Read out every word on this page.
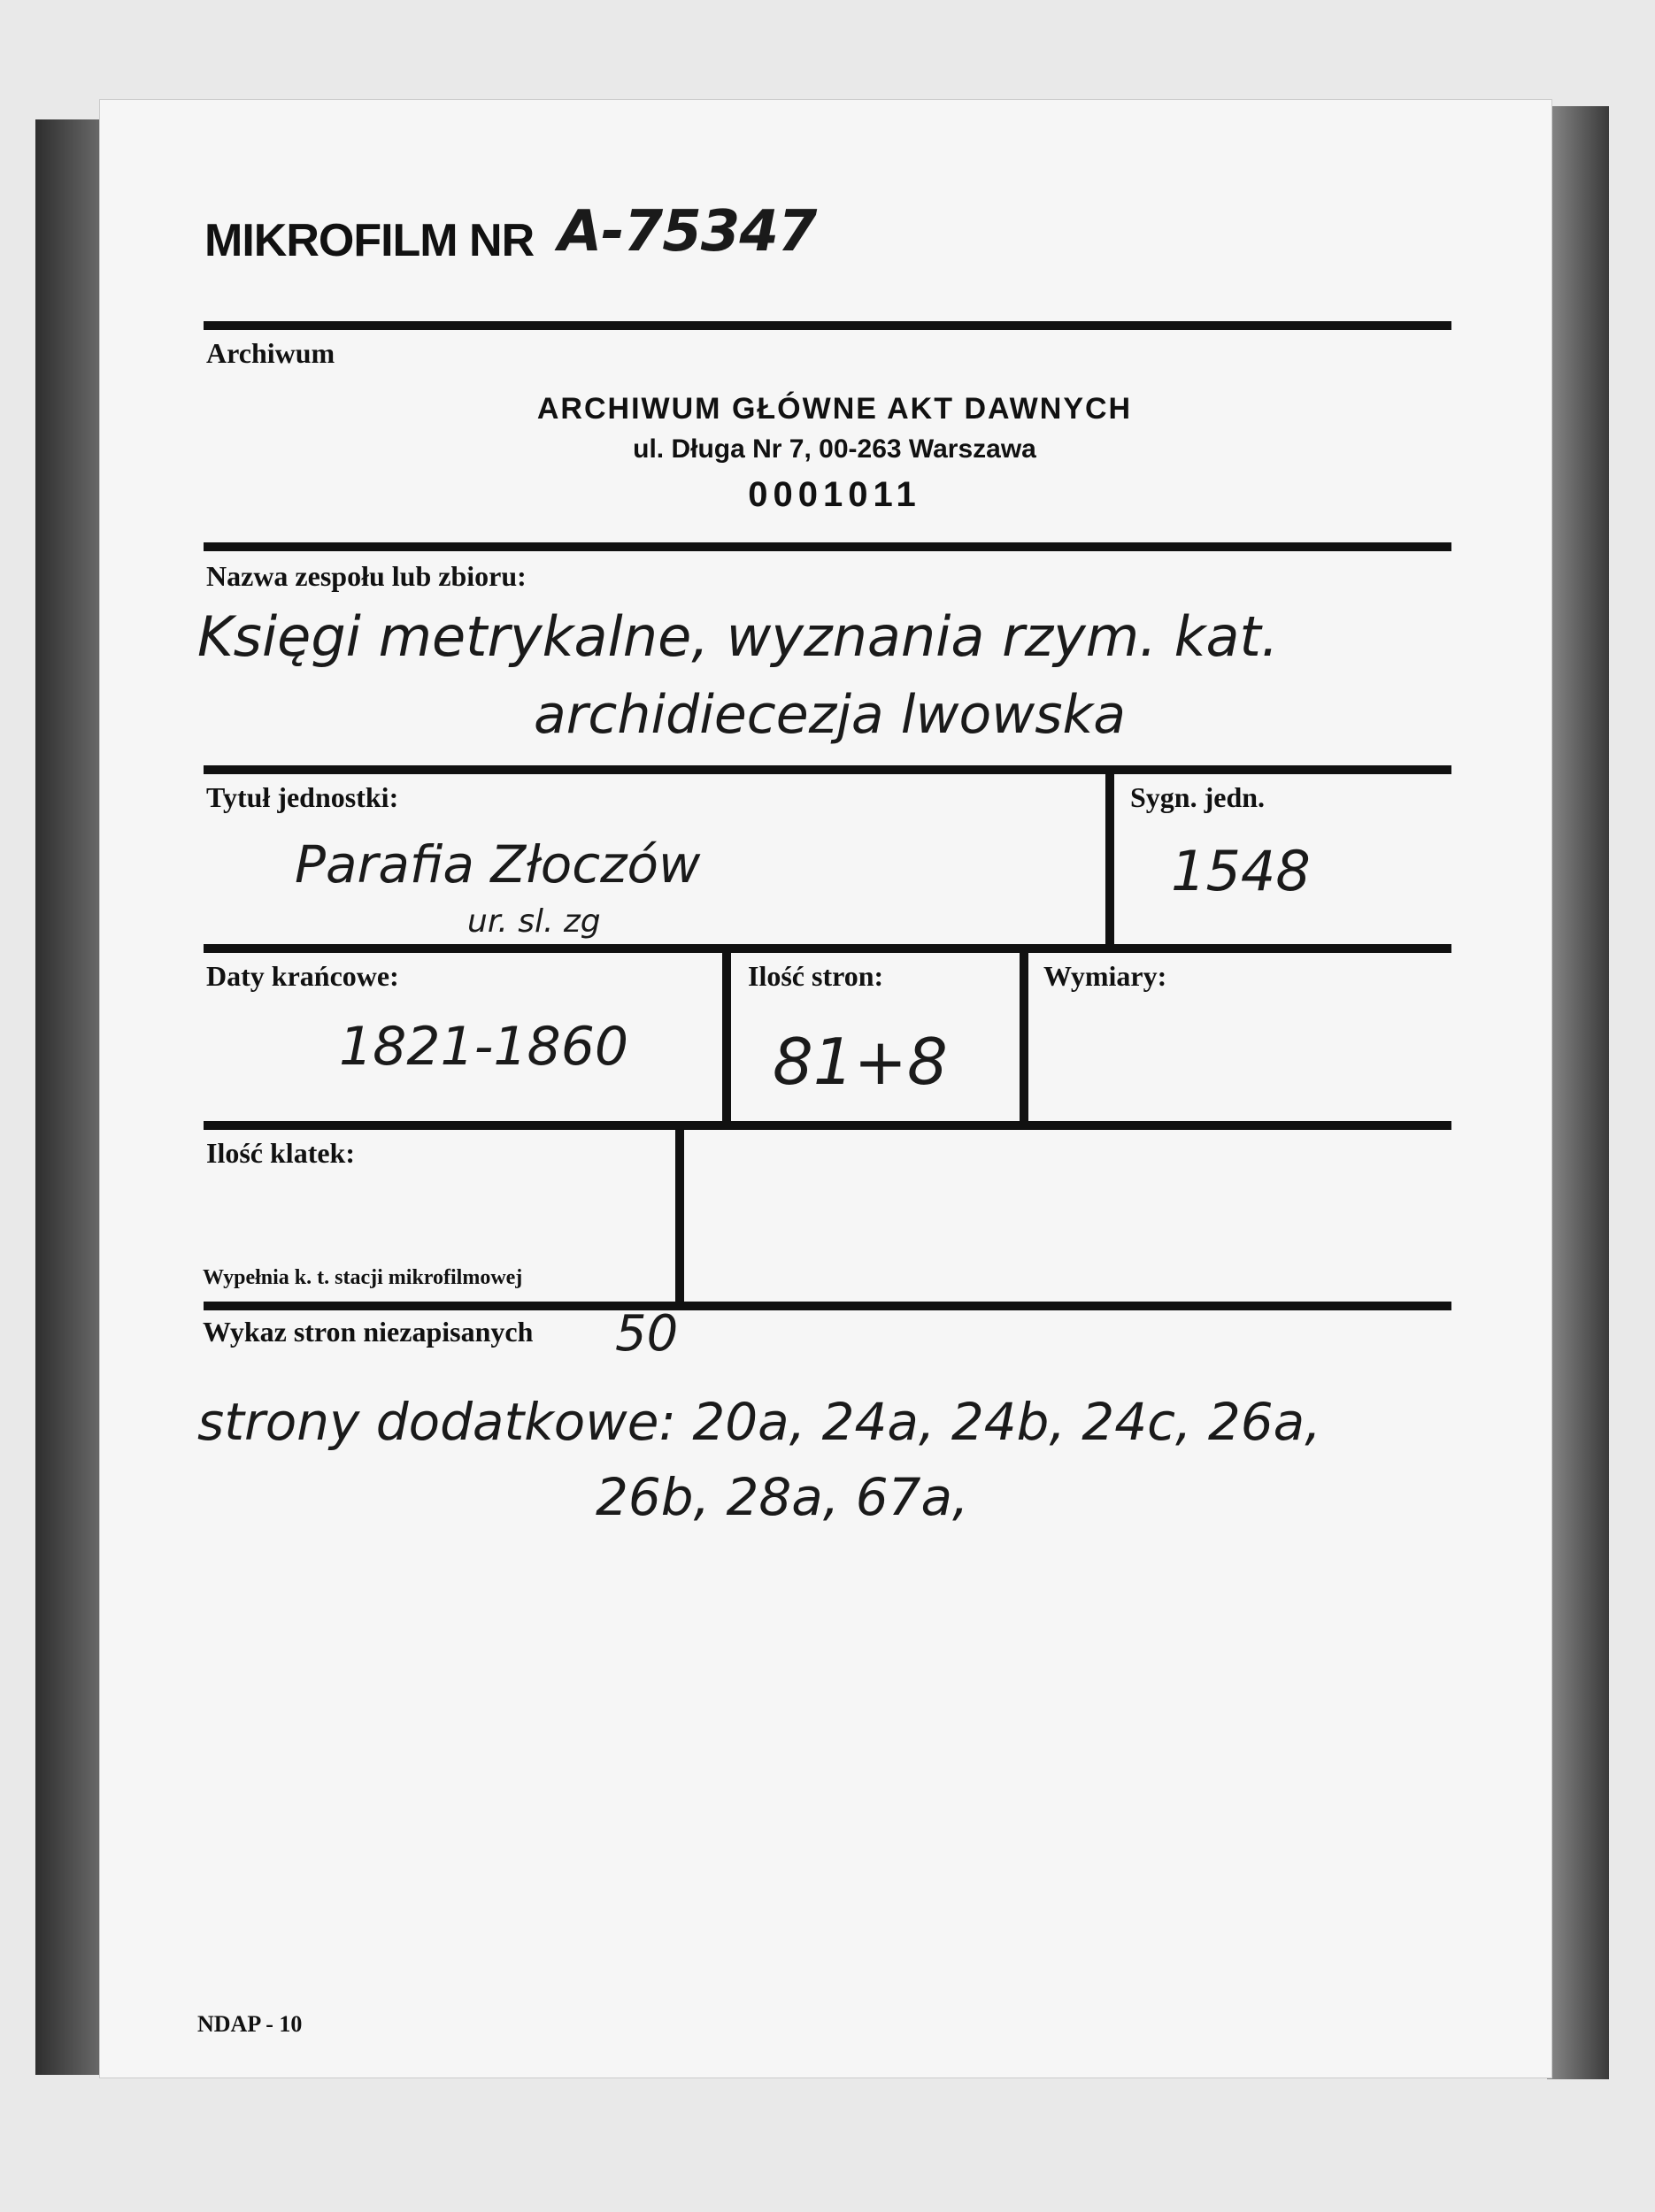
MIKROFILM NR A-75347
Archiwum
ARCHIWUM GŁÓWNE AKT DAWNYCH
ul. Długa Nr 7, 00-263 Warszawa
0001011
Nazwa zespołu lub zbioru:
Księgi metrykalne, wyznania rzym. kat.
archidiecezja lwowska
Tytuł jednostki:
Parafia Złoczów
ur. sl. zg
Sygn. jedn.
1548
Daty krańcowe:
1821-1860
Ilość stron:
81+8
Wymiary:
Ilość klatek:
Wypełnia k. t. stacji mikrofilmowej
Wykaz stron niezapisanych 50
strony dodatkowe: 20a, 24a, 24b, 24c, 26a,
26b, 28a, 67a,
NDAP - 10
